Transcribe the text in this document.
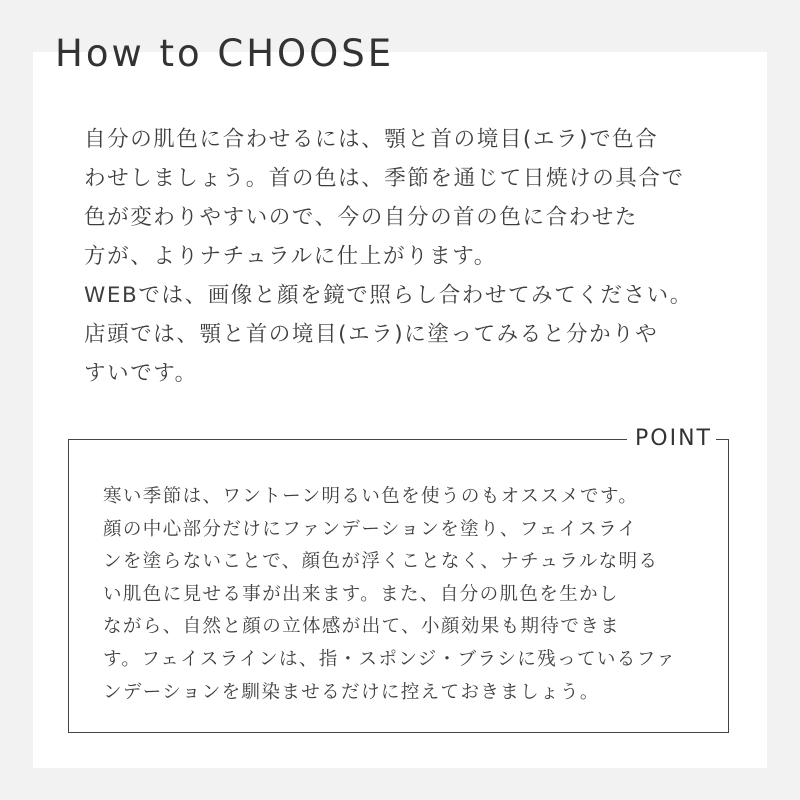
How to CHOOSE

自分の肌色に合わせるには、顎と首の境目(エラ)で色合

わせしましょう。首の色は、季節を通じて日焼けの具合で

色が変わりやすいので、今の自分の首の色に合わせた

方が、よりナチュラルに仕上がります。

WEBでは、画像と顔を鏡で照らし合わせてみてください。

店頭では、顎と首の境目(エラ)に塗ってみると分かりや

すいです。

POINT

寒い季節は、ワントーン明るい色を使うのもオススメです。

顔の中心部分だけにファンデーションを塗り、フェイスライ

ンを塗らないことで、顔色が浮くことなく、ナチュラルな明る

い肌色に見せる事が出来ます。また、自分の肌色を生かし

ながら、自然と顔の立体感が出て、小顔効果も期待できま

す。フェイスラインは、指・スポンジ・ブラシに残っているファ

ンデーションを馴染ませるだけに控えておきましょう。
